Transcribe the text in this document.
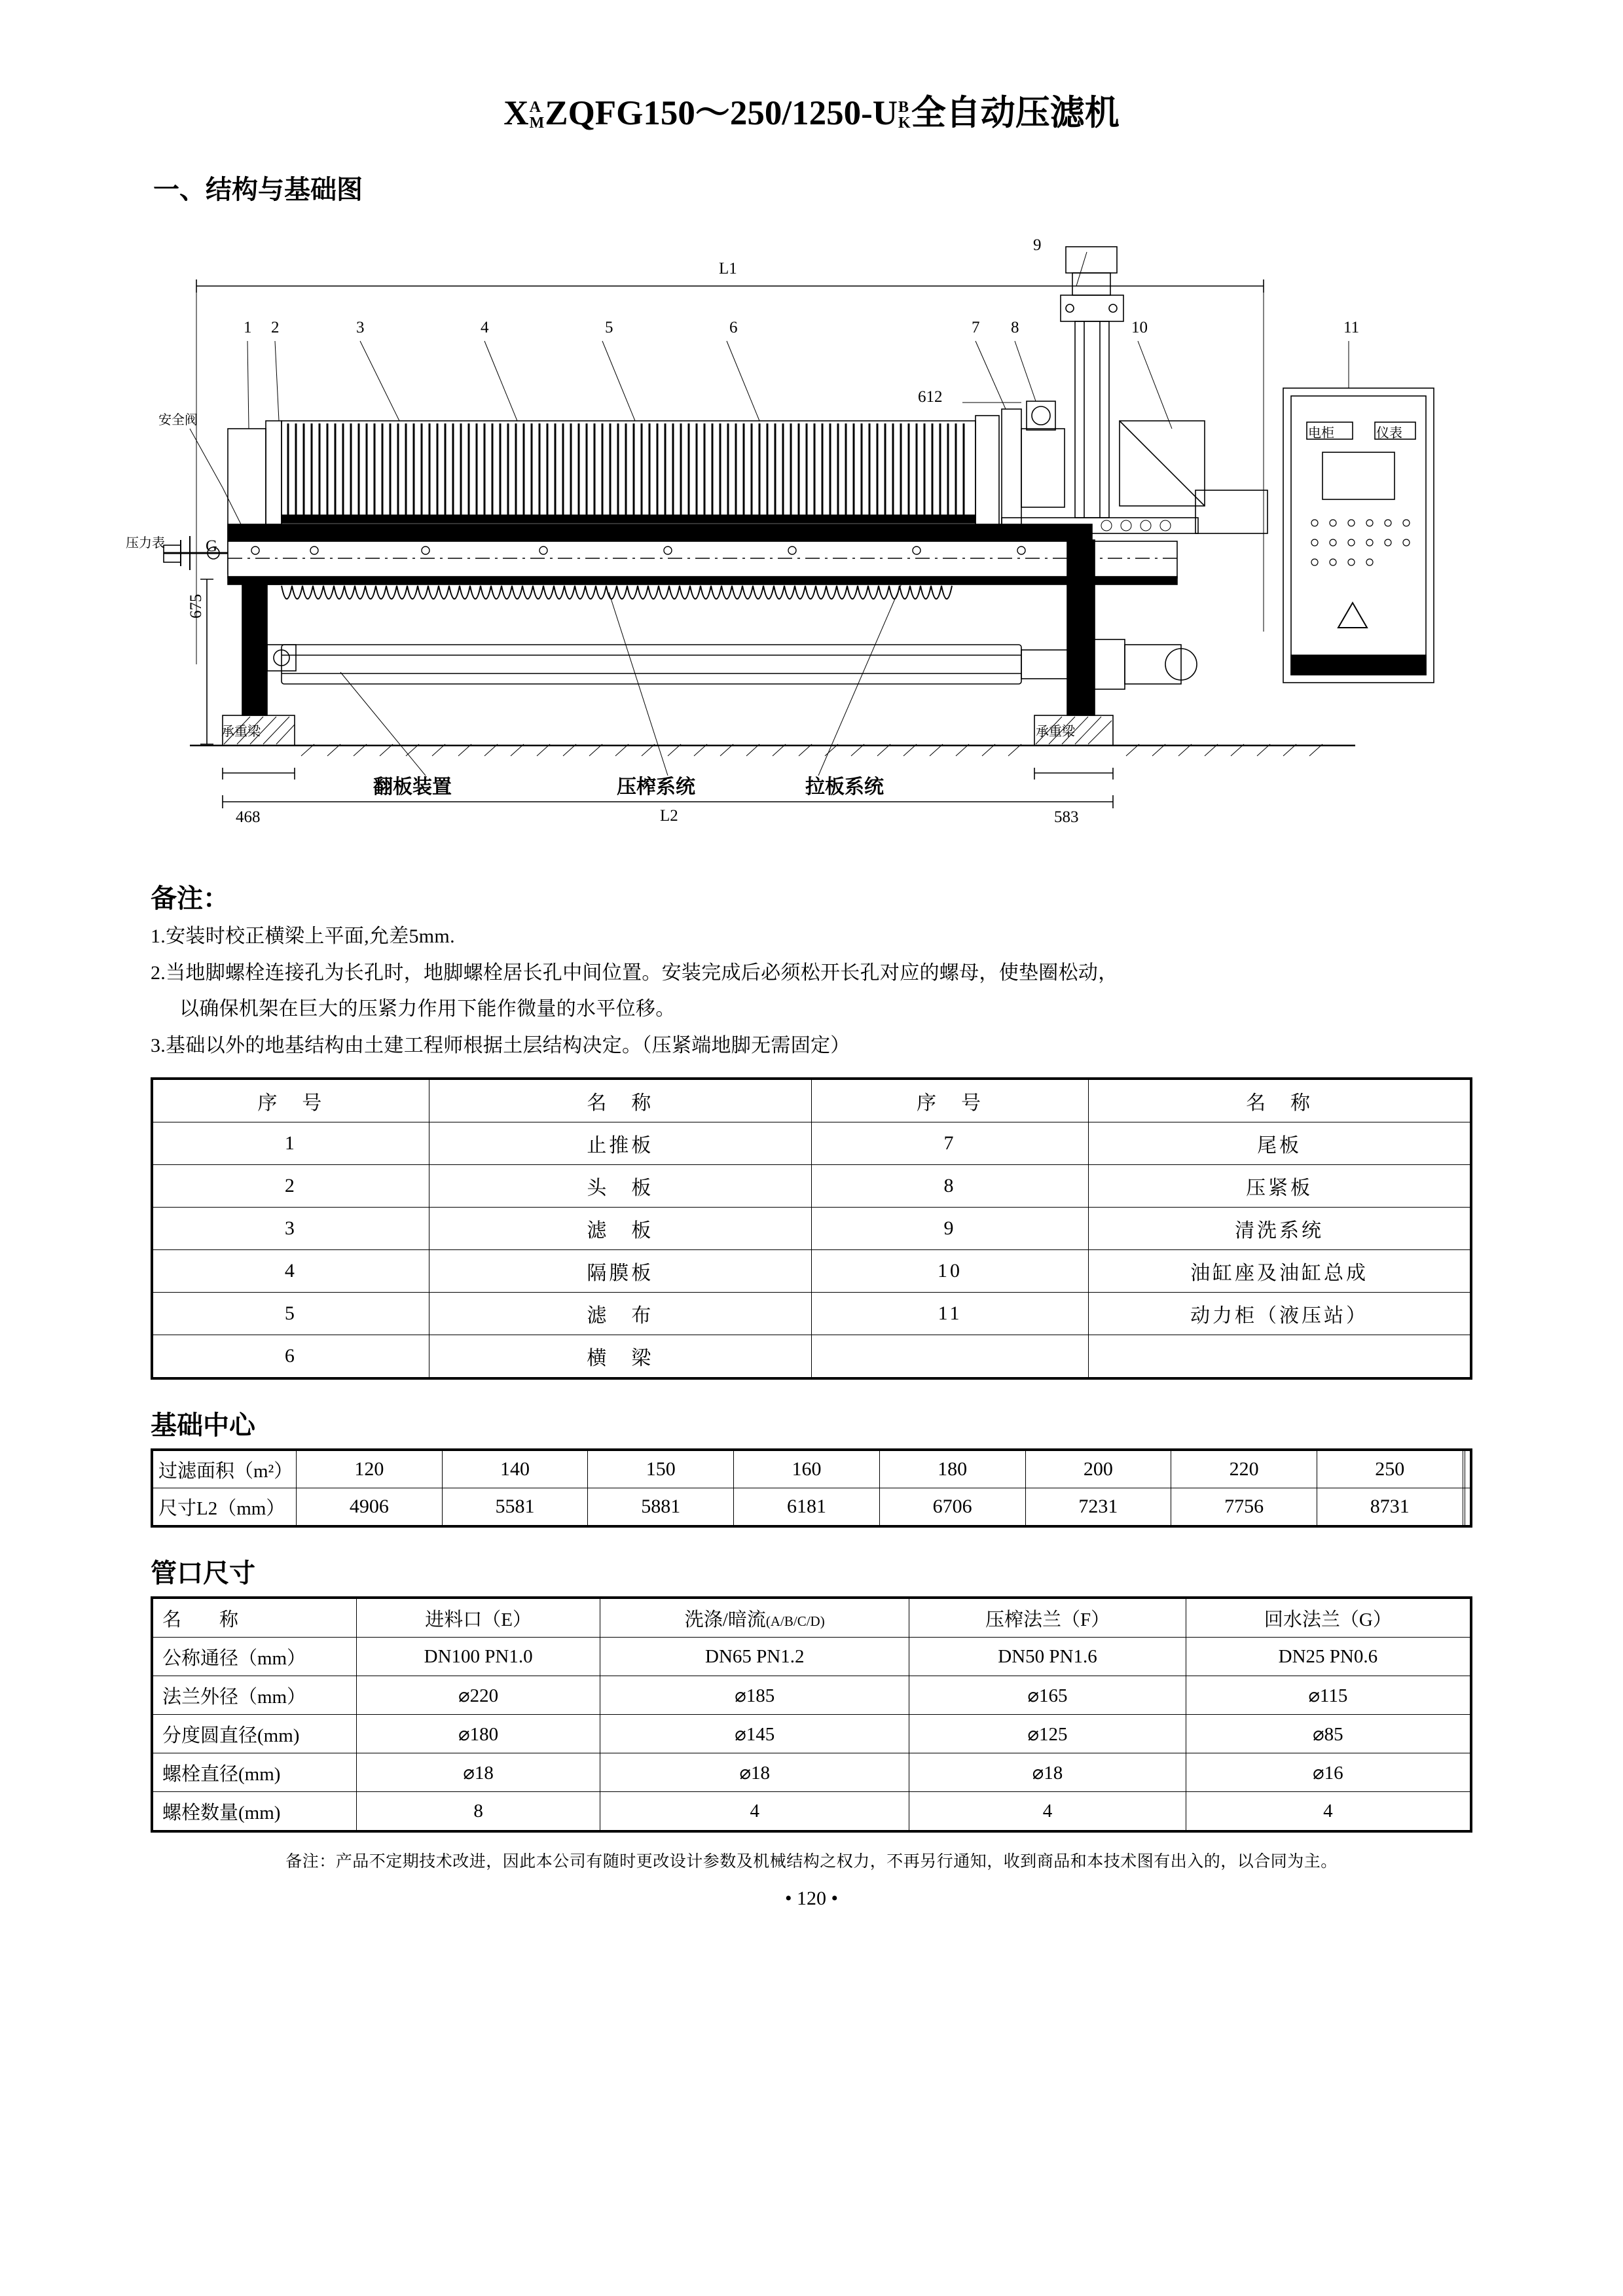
X A
M ZQFG150～250/1250-U B
K 全自动压滤机
一、结构与基础图
L1
L2
612
675
468	583
安全阀
压力表 G
承重梁	承重梁
翻板装置	压榨系统	拉板系统
电柜	仪表
1 2	3	4	5	6	7 8
9
10	11
备注：
1.安装时校正横梁上平面,允差5mm.
2.当地脚螺栓连接孔为长孔时，地脚螺栓居长孔中间位置。安装完成后必须松开长孔对应的螺母，使垫圈松动，
以确保机架在巨大的压紧力作用下能作微量的水平位移。
3.基础以外的地基结构由土建工程师根据土层结构决定。（压紧端地脚无需固定）
序　号	名　称	序　号	名　称
1	止推板	7	尾板
2	头　板	8	压紧板
3	滤　板	9	清洗系统
4	隔膜板	10	油缸座及油缸总成
5	滤　布	11	动力柜（液压站）
6	横　梁		
基础中心
过滤面积（m²）	120	140	150	160	180	200	220	250		
尺寸L2（mm）	4906	5581	5881	6181	6706	7231	7756	8731		
管口尺寸
名　　称	进料口（E）	洗涤/暗流(A/B/C/D)	压榨法兰（F）	回水法兰（G）
公称通径（mm）	DN100 PN1.0	DN65 PN1.2	DN50 PN1.6	DN25 PN0.6
法兰外径（mm）	⌀220	⌀185	⌀165	⌀115
分度圆直径(mm)	⌀180	⌀145	⌀125	⌀85
螺栓直径(mm)	⌀18	⌀18	⌀18	⌀16
螺栓数量(mm)	8	4	4	4
备注：产品不定期技术改进，因此本公司有随时更改设计参数及机械结构之权力，不再另行通知，收到商品和本技术图有出入的，以合同为主。
• 120 •
